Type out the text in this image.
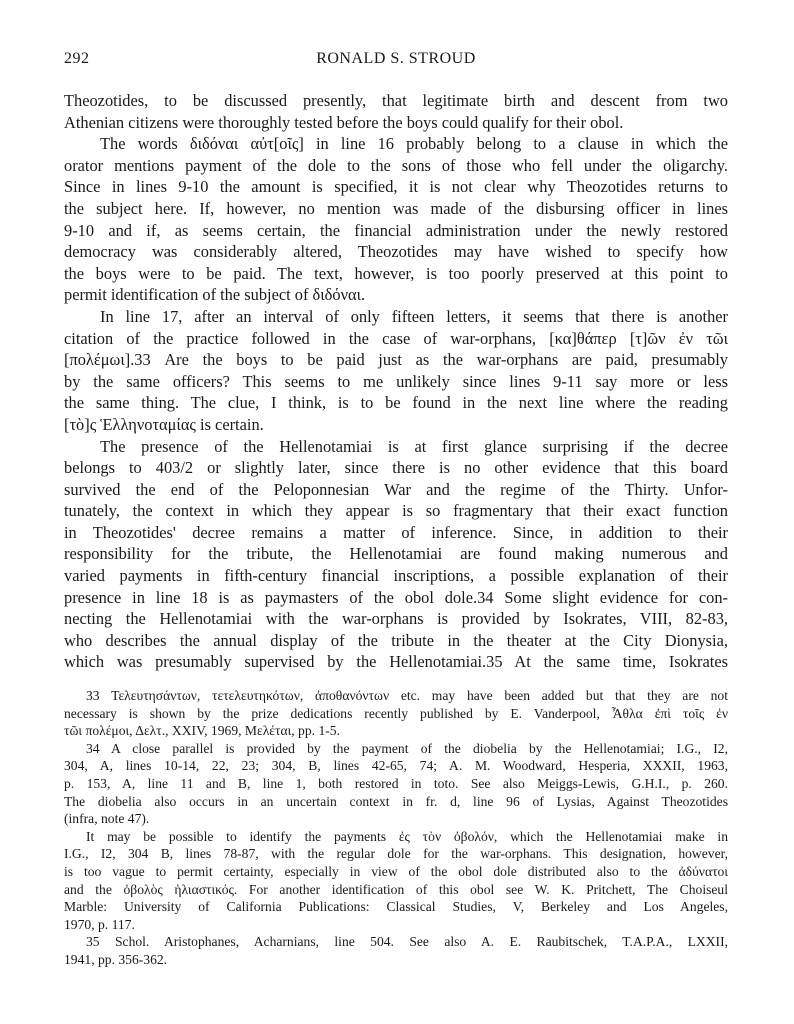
292	RONALD S. STROUD
Theozotides, to be discussed presently, that legitimate birth and descent from two
Athenian citizens were thoroughly tested before the boys could qualify for their obol.
The words διδόναι αὐτ[οῖς] in line 16 probably belong to a clause in which the
orator mentions payment of the dole to the sons of those who fell under the oligarchy.
Since in lines 9-10 the amount is specified, it is not clear why Theozotides returns to
the subject here. If, however, no mention was made of the disbursing officer in lines
9-10 and if, as seems certain, the financial administration under the newly restored
democracy was considerably altered, Theozotides may have wished to specify how
the boys were to be paid. The text, however, is too poorly preserved at this point to
permit identification of the subject of διδόναι.
In line 17, after an interval of only fifteen letters, it seems that there is another
citation of the practice followed in the case of war-orphans, [κα]θάπερ [τ]ῶν ἐν τῶι
[πολέμωι].33 Are the boys to be paid just as the war-orphans are paid, presumably
by the same officers? This seems to me unlikely since lines 9-11 say more or less
the same thing. The clue, I think, is to be found in the next line where the reading
[τὸ]ς Ἑλληνοταμίας is certain.
The presence of the Hellenotamiai is at first glance surprising if the decree
belongs to 403/2 or slightly later, since there is no other evidence that this board
survived the end of the Peloponnesian War and the regime of the Thirty. Unfor-
tunately, the context in which they appear is so fragmentary that their exact function
in Theozotides' decree remains a matter of inference. Since, in addition to their
responsibility for the tribute, the Hellenotamiai are found making numerous and
varied payments in fifth-century financial inscriptions, a possible explanation of their
presence in line 18 is as paymasters of the obol dole.34 Some slight evidence for con-
necting the Hellenotamiai with the war-orphans is provided by Isokrates, VIII, 82-83,
who describes the annual display of the tribute in the theater at the City Dionysia,
which was presumably supervised by the Hellenotamiai.35 At the same time, Isokrates
33 Τελευτησάντων, τετελευτηκότων, ἀποθανόντων etc. may have been added but that they are not
necessary is shown by the prize dedications recently published by E. Vanderpool, Ἆθλα ἐπὶ τοῖς ἐν
τῶι πολέμοι, Δελτ., XXIV, 1969, Μελέται, pp. 1-5.
34 A close parallel is provided by the payment of the diobelia by the Hellenotamiai; I.G., I2,
304, A, lines 10-14, 22, 23; 304, B, lines 42-65, 74; A. M. Woodward, Hesperia, XXXII, 1963,
p. 153, A, line 11 and B, line 1, both restored in toto. See also Meiggs-Lewis, G.H.I., p. 260.
The diobelia also occurs in an uncertain context in fr. d, line 96 of Lysias, Against Theozotides
(infra, note 47).
It may be possible to identify the payments ἐς τὸν ὀβολόν, which the Hellenotamiai make in
I.G., I2, 304 B, lines 78-87, with the regular dole for the war-orphans. This designation, however,
is too vague to permit certainty, especially in view of the obol dole distributed also to the ἀδύνατοι
and the ὀβολὸς ἡλιαστικός. For another identification of this obol see W. K. Pritchett, The Choiseul
Marble: University of California Publications: Classical Studies, V, Berkeley and Los Angeles,
1970, p. 117.
35 Schol. Aristophanes, Acharnians, line 504. See also A. E. Raubitschek, T.A.P.A., LXXII,
1941, pp. 356-362.
